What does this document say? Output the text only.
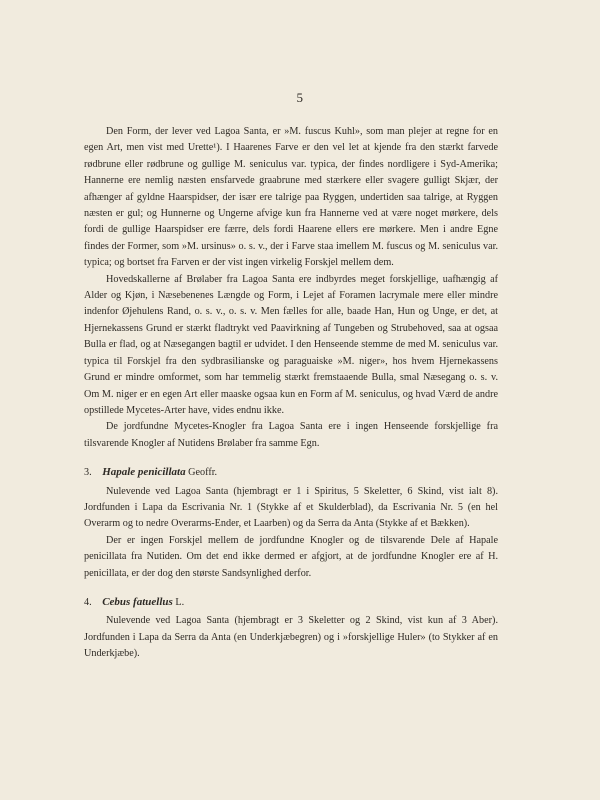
5

Den Form, der lever ved Lagoa Santa, er »M. fuscus Kuhl», som man plejer at regne for en egen Art, men vist med Urette¹). I Haarenes Farve er den vel let at kjende fra den stærkt farvede rødbrune eller rødbrune og gullige M. seniculus var. typica, der findes nordligere i Syd-Amerika; Hannerne ere nemlig næsten ensfarvede graabrune med stærkere eller svagere gulligt Skjær, der afhænger af gyldne Haarspidser, der især ere talrige paa Ryggen, undertiden saa talrige, at Ryggen næsten er gul; og Hunnerne og Ungerne afvige kun fra Hannerne ved at være noget mørkere, dels fordi de gullige Haarspidser ere færre, dels fordi Haarene ellers ere mørkere. Men i andre Egne findes der Former, som »M. ursinus» o. s. v., der i Farve staa imellem M. fuscus og M. seniculus var. typica; og bortset fra Farven er der vist ingen virkelig Forskjel mellem dem.

Hovedskallerne af Brølaber fra Lagoa Santa ere indbyrdes meget forskjellige, uafhængig af Alder og Kjøn, i Næsebenenes Længde og Form, i Lejet af Foramen lacrymale mere eller mindre indenfor Øjehulens Rand, o. s. v., o. s. v. Men fælles for alle, baade Han, Hun og Unge, er det, at Hjernekassens Grund er stærkt fladtrykt ved Paavirkning af Tungeben og Strubehoved, saa at ogsaa Bulla er flad, og at Næsegangen bagtil er udvidet. I den Henseende stemme de med M. seniculus var. typica til Forskjel fra den sydbrasilianske og paraguaiske »M. niger», hos hvem Hjernekassens Grund er mindre omformet, som har temmelig stærkt fremstaaende Bulla, smal Næsegang o. s. v. Om M. niger er en egen Art eller maaske ogsaa kun en Form af M. seniculus, og hvad Værd de andre opstillede Mycetes-Arter have, vides endnu ikke.

De jordfundne Mycetes-Knogler fra Lagoa Santa ere i ingen Henseende forskjellige fra tilsvarende Knogler af Nutidens Brølaber fra samme Egn.

3. Hapale penicillata Geoffr.

Nulevende ved Lagoa Santa (hjembragt er 1 i Spiritus, 5 Skeletter, 6 Skind, vist ialt 8). Jordfunden i Lapa da Escrivania Nr. 1 (Stykke af et Skulderblad), da Escrivania Nr. 5 (en hel Overarm og to nedre Overarms-Ender, et Laarben) og da Serra da Anta (Stykke af et Bækken).

Der er ingen Forskjel mellem de jordfundne Knogler og de tilsvarende Dele af Hapale penicillata fra Nutiden. Om det end ikke dermed er afgjort, at de jordfundne Knogler ere af H. penicillata, er der dog den største Sandsynlighed derfor.

4. Cebus fatuellus L.

Nulevende ved Lagoa Santa (hjembragt er 3 Skeletter og 2 Skind, vist kun af 3 Aber). Jordfunden i Lapa da Serra da Anta (en Underkjæbegren) og i »forskjellige Huler» (to Stykker af en Underkjæbe).
